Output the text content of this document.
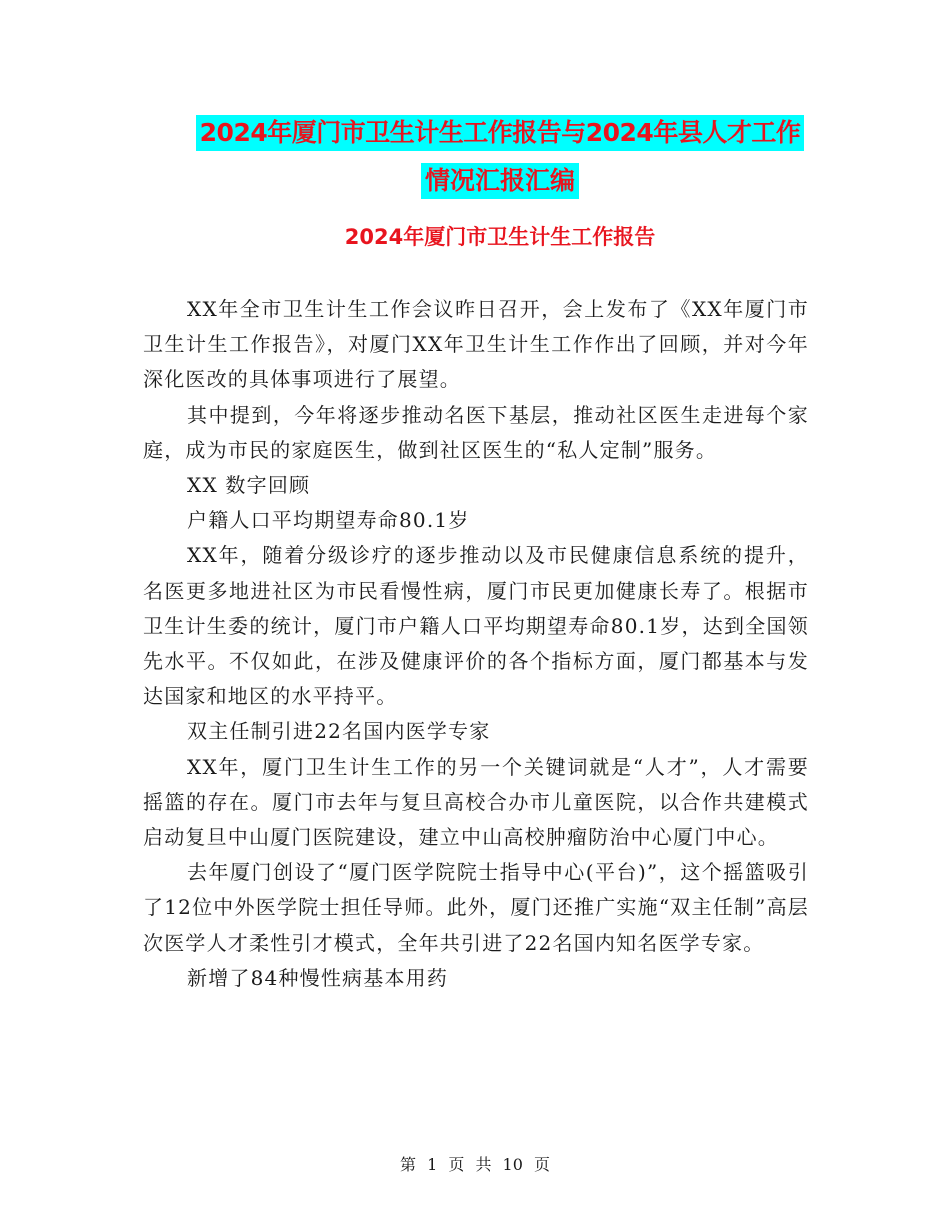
2024年厦门市卫生计生工作报告与2024年县人才工作
情况汇报汇编
2024年厦门市卫生计生工作报告

XX年全市卫生计生工作会议昨日召开，会上发布了《XX年厦门市卫生计生工作报告》，对厦门XX年卫生计生工作作出了回顾，并对今年深化医改的具体事项进行了展望。

其中提到，今年将逐步推动名医下基层，推动社区医生走进每个家庭，成为市民的家庭医生，做到社区医生的“私人定制”服务。

XX 数字回顾

户籍人口平均期望寿命80.1岁

XX年，随着分级诊疗的逐步推动以及市民健康信息系统的提升，名医更多地进社区为市民看慢性病，厦门市民更加健康长寿了。根据市卫生计生委的统计，厦门市户籍人口平均期望寿命80.1岁，达到全国领先水平。不仅如此，在涉及健康评价的各个指标方面，厦门都基本与发达国家和地区的水平持平。

双主任制引进22名国内医学专家

XX年，厦门卫生计生工作的另一个关键词就是“人才”，人才需要摇篮的存在。厦门市去年与复旦高校合办市儿童医院，以合作共建模式启动复旦中山厦门医院建设，建立中山高校肿瘤防治中心厦门中心。

去年厦门创设了“厦门医学院院士指导中心(平台)”，这个摇篮吸引了12位中外医学院士担任导师。此外，厦门还推广实施“双主任制”高层次医学人才柔性引才模式，全年共引进了22名国内知名医学专家。

新增了84种慢性病基本用药

第 1 页 共 10 页
